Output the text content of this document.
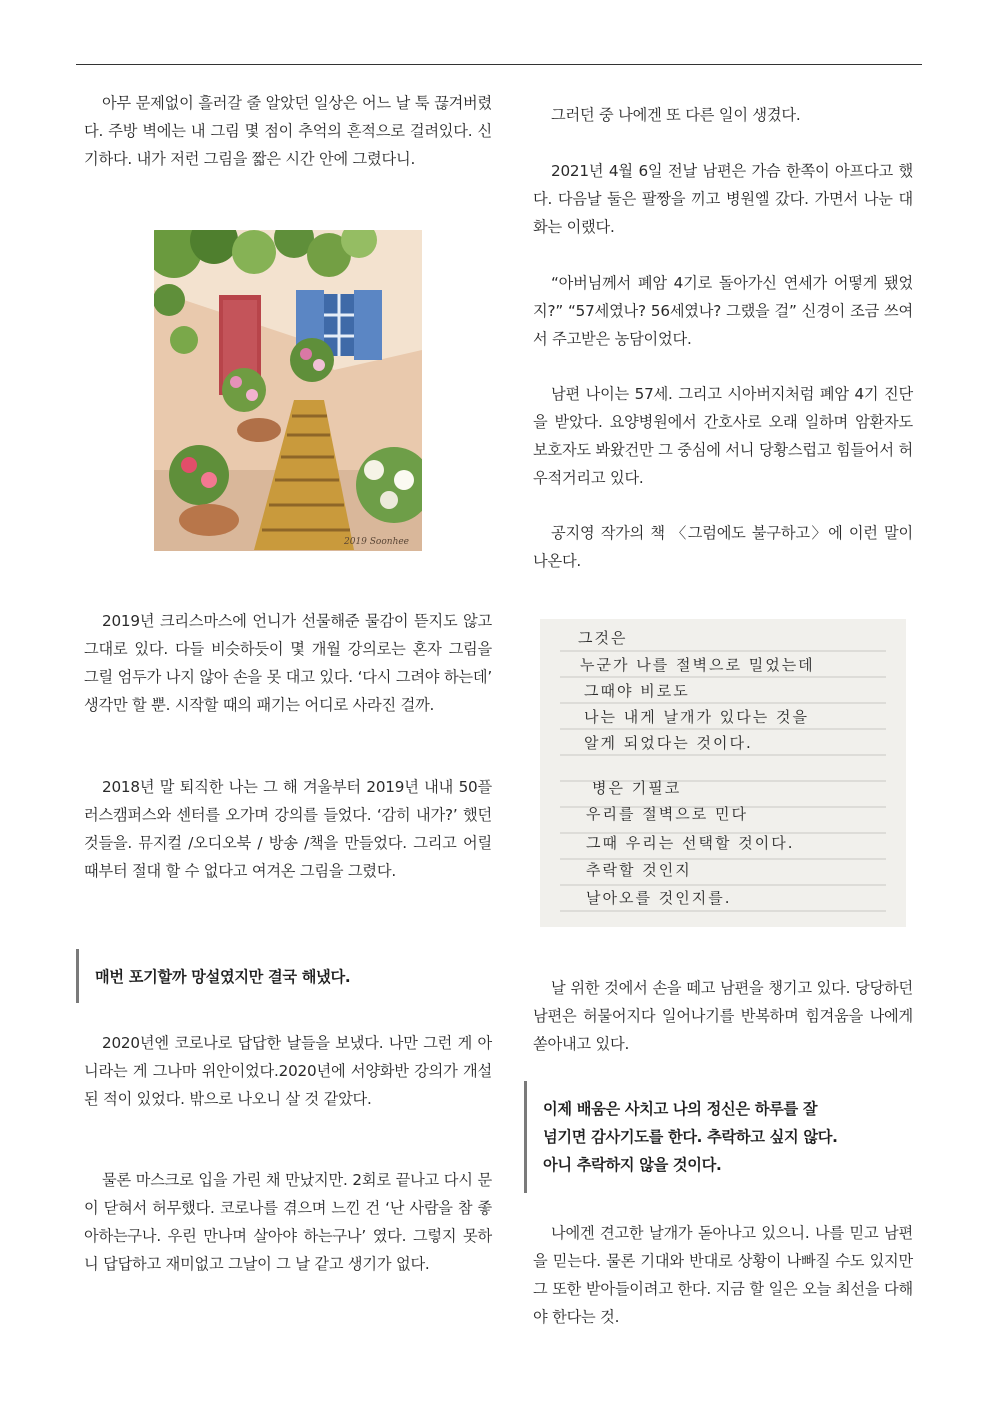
아무 문제없이 흘러갈 줄 알았던 일상은 어느 날 툭 끊겨버렸다. 주방 벽에는 내 그림 몇 점이 추억의 흔적으로 걸려있다. 신기하다. 내가 저런 그림을 짧은 시간 안에 그렸다니.

2019 Soonhee

2019년 크리스마스에 언니가 선물해준 물감이 뜯지도 않고 그대로 있다. 다들 비슷하듯이 몇 개월 강의로는 혼자 그림을 그릴 엄두가 나지 않아 손을 못 대고 있다. ‘다시 그려야 하는데’ 생각만 할 뿐. 시작할 때의 패기는 어디로 사라진 걸까.

2018년 말 퇴직한 나는 그 해 겨울부터 2019년 내내 50플러스캠퍼스와 센터를 오가며 강의를 들었다. ‘감히 내가?’ 했던 것들을. 뮤지컬 /오디오북 / 방송 /책을 만들었다. 그리고 어릴 때부터 절대 할 수 없다고 여겨온 그림을 그렸다.

매번 포기할까 망설였지만 결국 해냈다.

2020년엔 코로나로 답답한 날들을 보냈다. 나만 그런 게 아니라는 게 그나마 위안이었다.2020년에 서양화반 강의가 개설된 적이 있었다. 밖으로 나오니 살 것 같았다.

물론 마스크로 입을 가린 채 만났지만. 2회로 끝나고 다시 문이 닫혀서 허무했다. 코로나를 겪으며 느낀 건 ‘난 사람을 참 좋아하는구나. 우린 만나며 살아야 하는구나’ 였다. 그렇지 못하니 답답하고 재미없고 그날이 그 날 같고 생기가 없다.

그러던 중 나에겐 또 다른 일이 생겼다.

2021년 4월 6일 전날 남편은 가슴 한쪽이 아프다고 했다. 다음날 둘은 팔짱을 끼고 병원엘 갔다. 가면서 나눈 대화는 이랬다.

“아버님께서 폐암 4기로 돌아가신 연세가 어떻게 됐었지?” “57세였나? 56세였나? 그랬을 걸” 신경이 조금 쓰여서 주고받은 농담이었다.

남편 나이는 57세. 그리고 시아버지처럼 폐암 4기 진단을 받았다. 요양병원에서 간호사로 오래 일하며 암환자도 보호자도 봐왔건만 그 중심에 서니 당황스럽고 힘들어서 허우적거리고 있다.

공지영 작가의 책 〈그럼에도 불구하고〉에 이런 말이 나온다.

그것은
누군가 나를 절벽으로 밀었는데
그때야 비로도
나는 내게 날개가 있다는 것을
알게 되었다는 것이다.
병은 기필코
우리를 절벽으로 민다
그때 우리는 선택할 것이다.
추락할 것인지
날아오를 것인지를.

날 위한 것에서 손을 떼고 남편을 챙기고 있다. 당당하던 남편은 허물어지다 일어나기를 반복하며 힘겨움을 나에게 쏟아내고 있다.

이제 배움은 사치고 나의 정신은 하루를 잘
넘기면 감사기도를 한다. 추락하고 싶지 않다.
아니 추락하지 않을 것이다.

나에겐 견고한 날개가 돋아나고 있으니. 나를 믿고 남편을 믿는다. 물론 기대와 반대로 상황이 나빠질 수도 있지만 그 또한 받아들이려고 한다. 지금 할 일은 오늘 최선을 다해야 한다는 것.
